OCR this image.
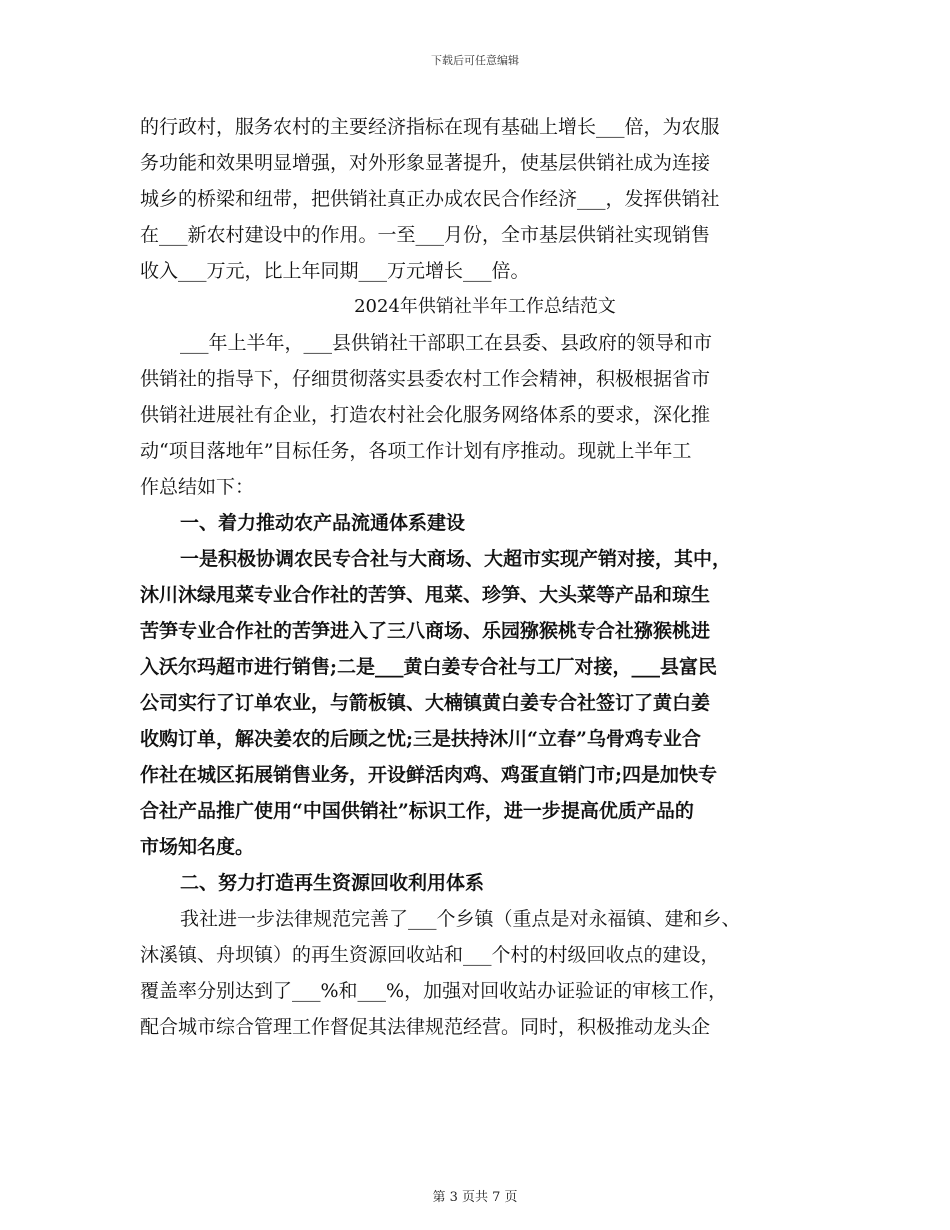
下载后可任意编辑
的行政村，服务农村的主要经济指标在现有基础上增长___倍，为农服
务功能和效果明显增强，对外形象显著提升，使基层供销社成为连接
城乡的桥梁和纽带，把供销社真正办成农民合作经济___，发挥供销社
在___新农村建设中的作用。一至___月份，全市基层供销社实现销售
收入___万元，比上年同期___万元增长___倍。
2024年供销社半年工作总结范文
___年上半年，___县供销社干部职工在县委、县政府的领导和市
供销社的指导下，仔细贯彻落实县委农村工作会精神，积极根据省市
供销社进展社有企业，打造农村社会化服务网络体系的要求，深化推
动“项目落地年”目标任务，各项工作计划有序推动。现就上半年工
作总结如下：
一、着力推动农产品流通体系建设
一是积极协调农民专合社与大商场、大超市实现产销对接，其中，
沐川沐绿甩菜专业合作社的苦笋、甩菜、珍笋、大头菜等产品和琼生
苦笋专业合作社的苦笋进入了三八商场、乐园猕猴桃专合社猕猴桃进
入沃尔玛超市进行销售;二是___黄白姜专合社与工厂对接，___县富民
公司实行了订单农业，与箭板镇、大楠镇黄白姜专合社签订了黄白姜
收购订单，解决姜农的后顾之忧;三是扶持沐川“立春”乌骨鸡专业合
作社在城区拓展销售业务，开设鲜活肉鸡、鸡蛋直销门市;四是加快专
合社产品推广使用“中国供销社”标识工作，进一步提高优质产品的
市场知名度。
二、努力打造再生资源回收利用体系
我社进一步法律规范完善了___个乡镇（重点是对永福镇、建和乡、
沐溪镇、舟坝镇）的再生资源回收站和___个村的村级回收点的建设，
覆盖率分别达到了___%和___%，加强对回收站办证验证的审核工作，
配合城市综合管理工作督促其法律规范经营。同时，积极推动龙头企
第 3 页共 7 页
